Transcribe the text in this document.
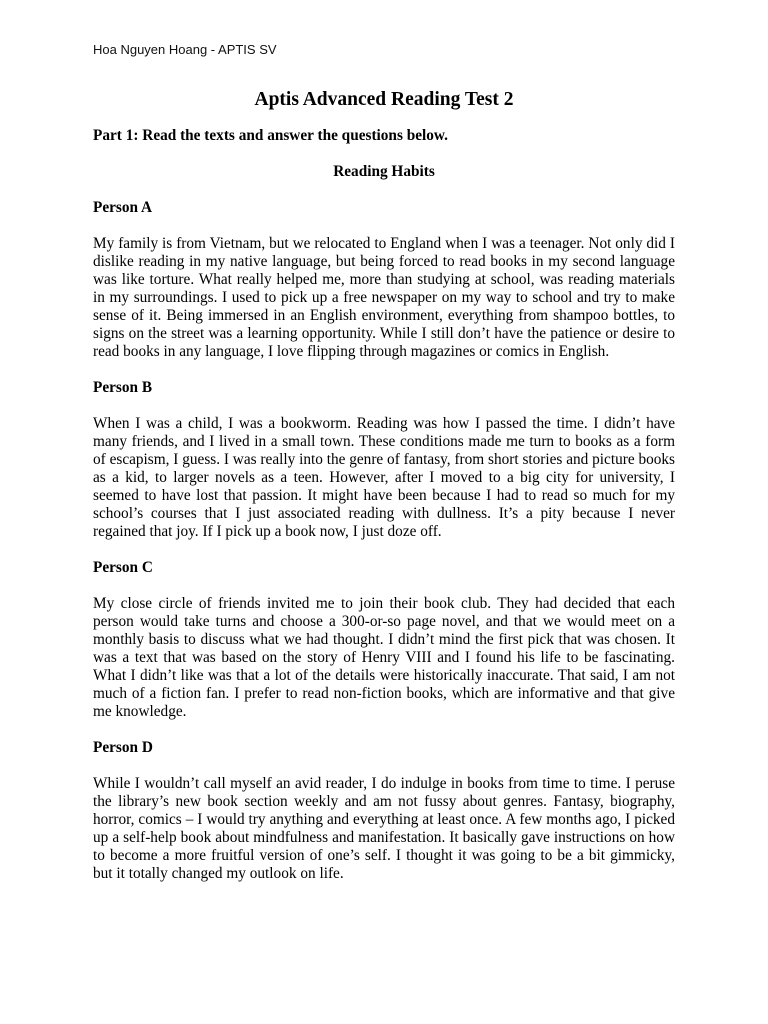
Hoa Nguyen Hoang - APTIS SV
Aptis Advanced Reading Test 2
Part 1: Read the texts and answer the questions below.
Reading Habits
Person A
My family is from Vietnam, but we relocated to England when I was a teenager. Not only did I dislike reading in my native language, but being forced to read books in my second language was like torture. What really helped me, more than studying at school, was reading materials in my surroundings. I used to pick up a free newspaper on my way to school and try to make sense of it. Being immersed in an English environment, everything from shampoo bottles, to signs on the street was a learning opportunity. While I still don’t have the patience or desire to read books in any language, I love flipping through magazines or comics in English.
Person B
When I was a child, I was a bookworm. Reading was how I passed the time. I didn’t have many friends, and I lived in a small town. These conditions made me turn to books as a form of escapism, I guess. I was really into the genre of fantasy, from short stories and picture books as a kid, to larger novels as a teen. However, after I moved to a big city for university, I seemed to have lost that passion. It might have been because I had to read so much for my school’s courses that I just associated reading with dullness. It’s a pity because I never regained that joy. If I pick up a book now, I just doze off.
Person C
My close circle of friends invited me to join their book club. They had decided that each person would take turns and choose a 300-or-so page novel, and that we would meet on a monthly basis to discuss what we had thought. I didn’t mind the first pick that was chosen. It was a text that was based on the story of Henry VIII and I found his life to be fascinating. What I didn’t like was that a lot of the details were historically inaccurate. That said, I am not much of a fiction fan. I prefer to read non-fiction books, which are informative and that give me knowledge.
Person D
While I wouldn’t call myself an avid reader, I do indulge in books from time to time. I peruse the library’s new book section weekly and am not fussy about genres. Fantasy, biography, horror, comics – I would try anything and everything at least once. A few months ago, I picked up a self-help book about mindfulness and manifestation. It basically gave instructions on how to become a more fruitful version of one’s self. I thought it was going to be a bit gimmicky, but it totally changed my outlook on life.
